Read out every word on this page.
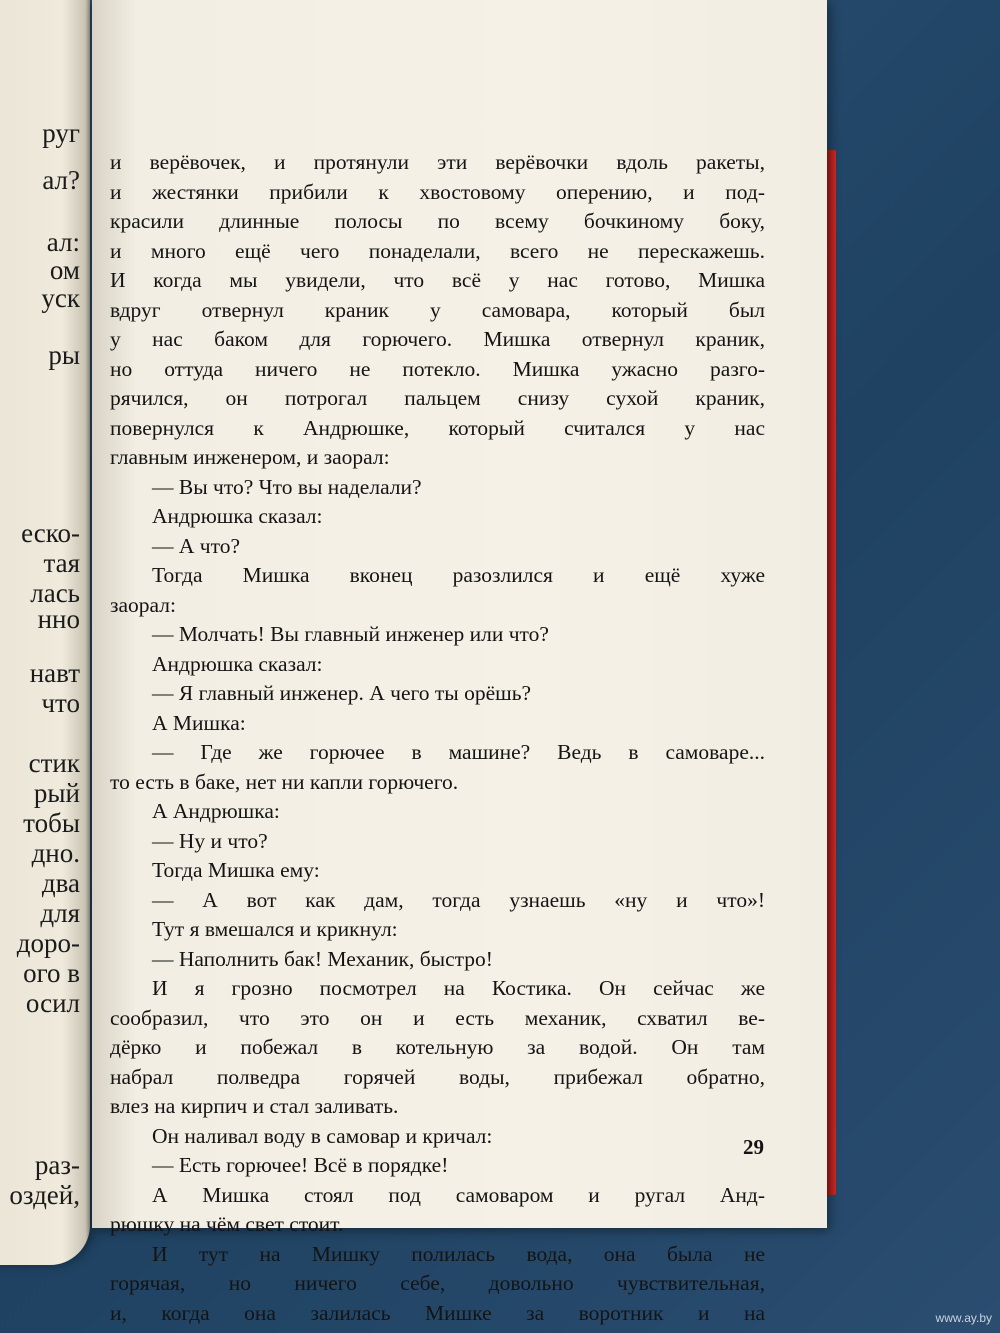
руг
ал?
ал:
ом
уск
ры
еско-
тая
лась
нно
навт
что
стик
рый
тобы
дно.
два
для
доро-
ого в
осил
раз-
оздей,
и верёвочек, и протянули эти верёвочки вдоль ракеты,
и жестянки прибили к хвостовому оперению, и под-
красили длинные полосы по всему бочкиному боку,
и много ещё чего понаделали, всего не перескажешь.
И когда мы увидели, что всё у нас готово, Мишка
вдруг отвернул краник у самовара, который был
у нас баком для горючего. Мишка отвернул краник,
но оттуда ничего не потекло. Мишка ужасно разго-
рячился, он потрогал пальцем снизу сухой краник,
повернулся к Андрюшке, который считался у нас
главным инженером, и заорал:
— Вы что? Что вы наделали?
Андрюшка сказал:
— А что?
Тогда Мишка вконец разозлился и ещё хуже
заорал:
— Молчать! Вы главный инженер или что?
Андрюшка сказал:
— Я главный инженер. А чего ты орёшь?
А Мишка:
— Где же горючее в машине? Ведь в самоваре...
то есть в баке, нет ни капли горючего.
А Андрюшка:
— Ну и что?
Тогда Мишка ему:
— А вот как дам, тогда узнаешь «ну и что»!
Тут я вмешался и крикнул:
— Наполнить бак! Механик, быстро!
И я грозно посмотрел на Костика. Он сейчас же
сообразил, что это он и есть механик, схватил ве-
дёрко и побежал в котельную за водой. Он там
набрал полведра горячей воды, прибежал обратно,
влез на кирпич и стал заливать.
Он наливал воду в самовар и кричал:
— Есть горючее! Всё в порядке!
А Мишка стоял под самоваром и ругал Анд-
рюшку на чём свет стоит.
И тут на Мишку полилась вода, она была не
горячая, но ничего себе, довольно чувствительная,
и, когда она залилась Мишке за воротник и на
29
www.ay.by
